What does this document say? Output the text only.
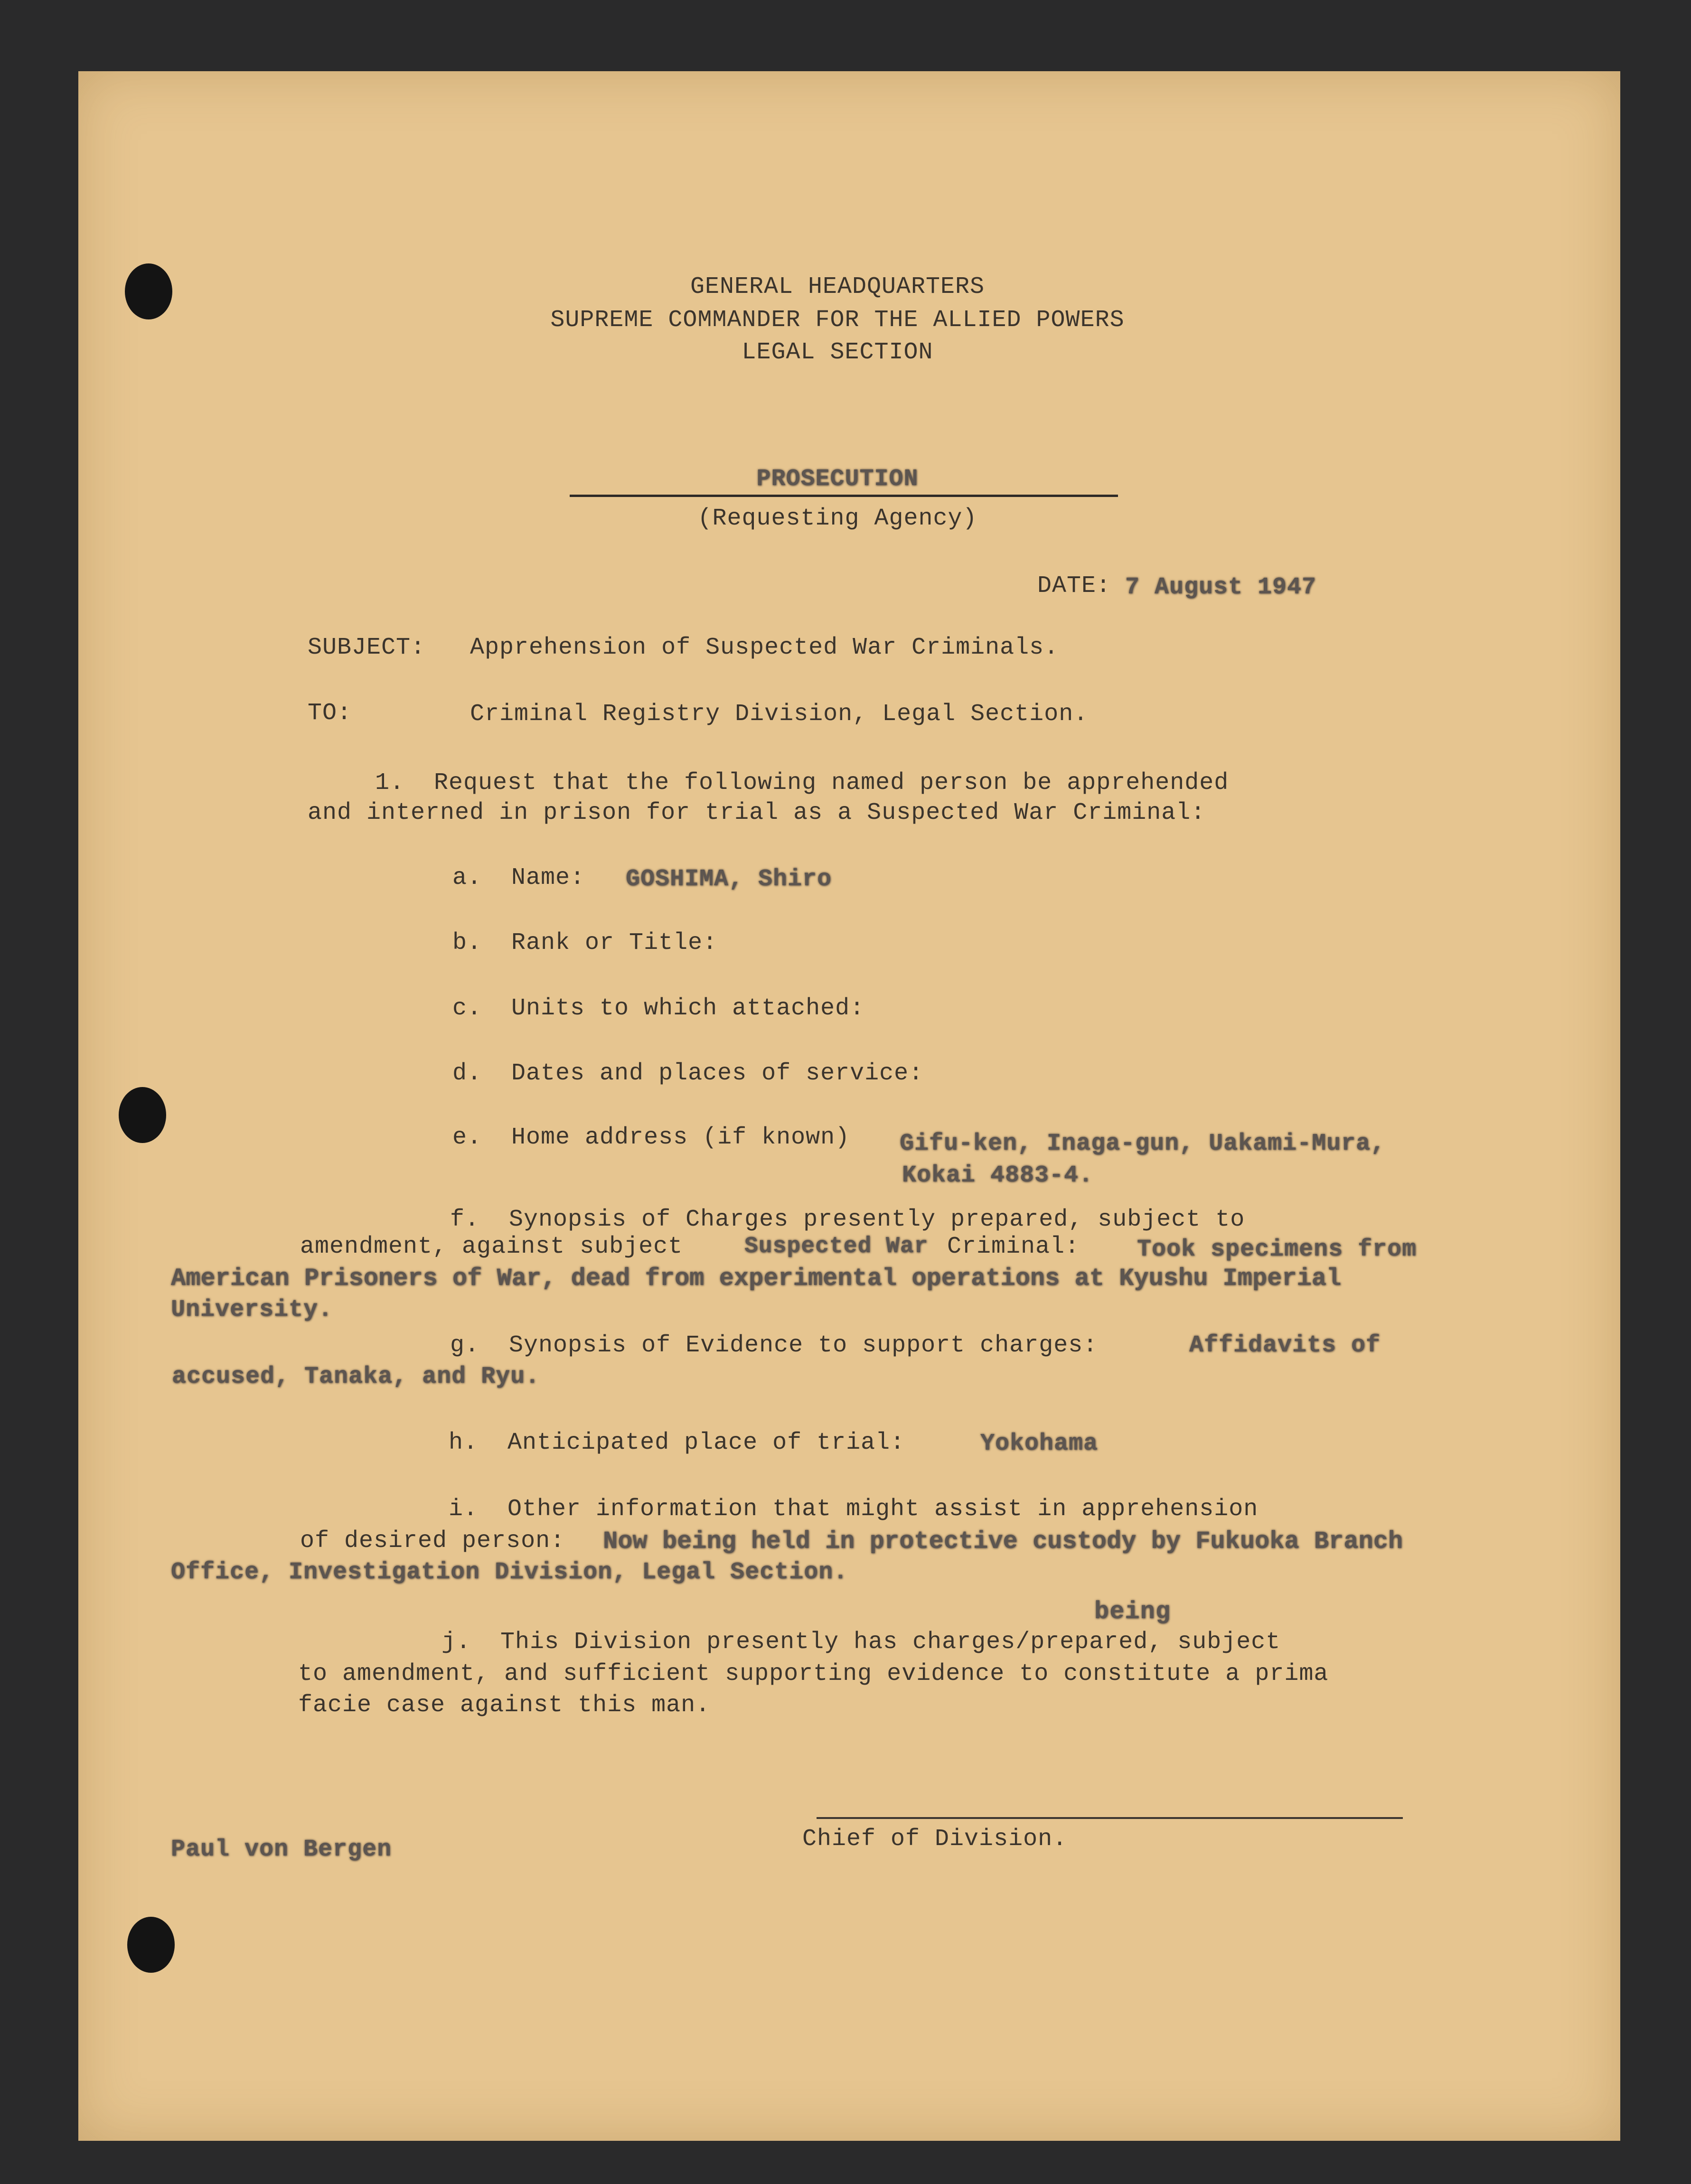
GENERAL HEADQUARTERS
SUPREME COMMANDER FOR THE ALLIED POWERS
LEGAL SECTION
PROSECUTION
(Requesting Agency)
DATE: 7 August 1947
SUBJECT: Apprehension of Suspected War Criminals.
TO:	Criminal Registry Division, Legal Section.
1.  Request that the following named person be apprehended
and interned in prison for trial as a Suspected War Criminal:
a.  Name: GOSHIMA, Shiro
b.  Rank or Title:
c.  Units to which attached:
d.  Dates and places of service:
e.  Home address (if known) Gifu-ken, Inaga-gun, Uakami-Mura,
Kokai 4883-4.
f.  Synopsis of Charges presently prepared, subject to
amendment, against subject	Suspected War Criminal: Took specimens from
American Prisoners of War, dead from experimental operations at Kyushu Imperial
University.
g.  Synopsis of Evidence to support charges:	Affidavits of
accused, Tanaka, and Ryu.
h.  Anticipated place of trial:	Yokohama
i.  Other information that might assist in apprehension
of desired person: Now being held in protective custody by Fukuoka Branch
Office, Investigation Division, Legal Section.
being
j.  This Division presently has charges/prepared, subject
to amendment, and sufficient supporting evidence to constitute a prima
facie case against this man.
Paul von Bergen	Chief of Division.
